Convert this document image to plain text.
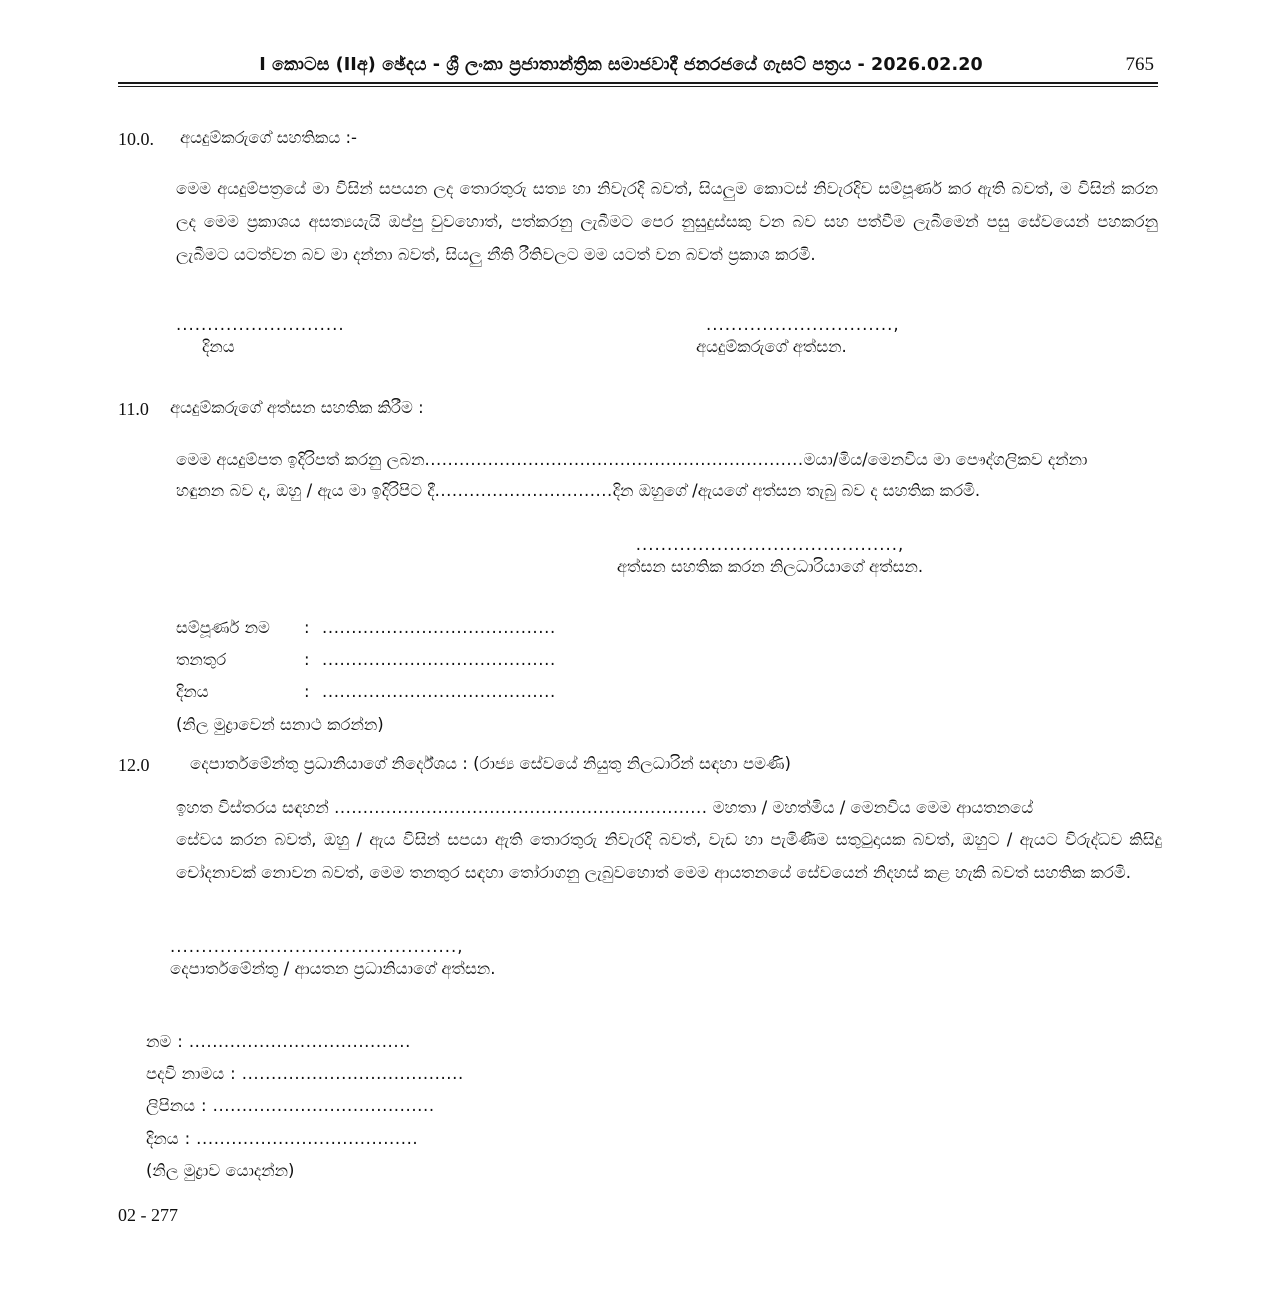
I කොටස (IIඅ) ඡේදය - ශ්‍රී ලංකා ප්‍රජාතාන්ත්‍රික සමාජවාදී ජනරජයේ ගැසට් පත්‍රය - 2026.02.20	765
10.0.	අයදුම්කරුගේ සහතිකය :-
මෙම අයදුම්පත්‍රයේ මා විසින් සපයන ලද තොරතුරු සත්‍ය හා නිවැරදි බවත්, සියලුම කොටස් නිවැරදිව සම්පූර්ණ කර ඇති බවත්, ම විසින් කරන ලද මෙම ප්‍රකාශය අසත්‍යයැයි ඔප්පු වුවහොත්, පත්කරනු ලැබීමට පෙර නුසුදුස්සකු වන බව සහ පත්වීම ලැබීමෙන් පසු සේවයෙන් පහකරනු ලැබීමට යටත්වන බව මා දන්නා බවත්, සියලු නීති රීතිවලට මම යටත් වන බවත් ප්‍රකාශ කරමි.
...........................
දිනය
..............................,
අයදුම්කරුගේ අත්සන.
11.0	අයදුම්කරුගේ අත්සන සහතික කිරීම :
මෙම අයදුම්පත ඉදිරිපත් කරනු ලබන..................................................................මයා/මිය/මෙනවිය මා පෞද්ගලිකව දන්නා
හඳුනන බව ද, ඔහු / ඇය මා ඉදිරිපිට දී...............................දින ඔහුගේ /ඇයගේ අත්සන තැබු බව ද සහතික කරමි.
..........................................,
අත්සන සහතික කරන නිලධාරියාගේ අත්සන.
සම්පූර්ණ නම	: ........................................
තනතුර	: ........................................
දිනය	: ........................................
(නිල මුද්‍රාවෙන් සනාථ කරන්න)
12.0	දෙපාර්තමේන්තු ප්‍රධානියාගේ නිර්දේශය : (රාජ්‍ය සේවයේ නියුතු නිලධාරින් සඳහා පමණි)
ඉහත විස්තරය සඳහන් ................................................................. මහතා / මහත්මිය / මෙනවිය මෙම ආයතනයේ
සේවය කරන බවත්, ඔහු / ඇය විසින් සපයා ඇති තොරතුරු නිවැරදි බවත්, වැඩ හා පැමිණීම සතුටුදායක බවත්, ඔහුට / ඇයට විරුද්ධව කිසිදු චෝදනාවක් නොවන බවත්, මෙම තනතුර සඳහා තෝරාගනු ලැබුවහොත් මෙම ආයතනයේ සේවයෙන් නිදහස් කළ හැකි බවත් සහතික කරමි.
..............................................,
දෙපාර්තමේන්තු / ආයතන ප්‍රධානියාගේ අත්සන.
නම : ......................................
පදවි නාමය : ......................................
ලිපිනය : ......................................
දිනය : ......................................
(නිල මුද්‍රාව යොදන්න)
02 - 277
